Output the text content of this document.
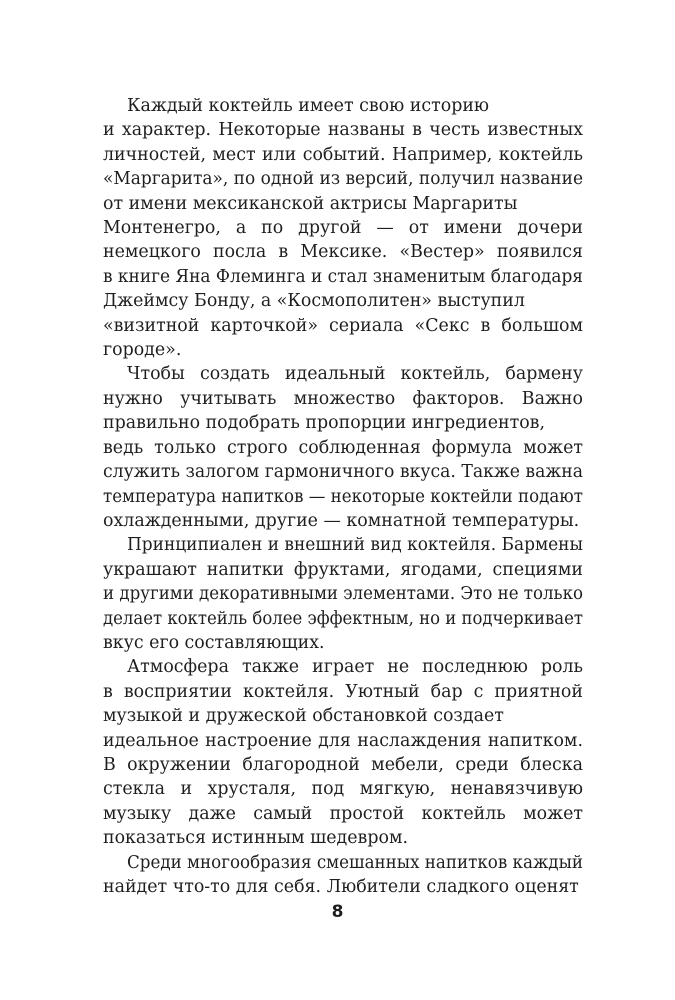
Каждый коктейль имеет свою историю
и характер. Некоторые названы в честь известных
личностей, мест или событий. Например, коктейль
«Маргарита», по одной из версий, получил название
от имени мексиканской актрисы Маргариты
Монтенегро, а по другой — от имени дочери
немецкого посла в Мексике. «Вестер» появился
в книге Яна Флеминга и стал знаменитым благодаря
Джеймсу Бонду, а «Космополитен» выступил
«визитной карточкой» сериала «Секс в большом
городе».
Чтобы создать идеальный коктейль, бармену
нужно учитывать множество факторов. Важно
правильно подобрать пропорции ингредиентов,
ведь только строго соблюденная формула может
служить залогом гармоничного вкуса. Также важна
температура напитков — некоторые коктейли подают
охлажденными, другие — комнатной температуры.
Принципиален и внешний вид коктейля. Бармены
украшают напитки фруктами, ягодами, специями
и другими декоративными элементами. Это не только
делает коктейль более эффектным, но и подчеркивает
вкус его составляющих.
Атмосфера также играет не последнюю роль
в восприятии коктейля. Уютный бар с приятной
музыкой и дружеской обстановкой создает
идеальное настроение для наслаждения напитком.
В окружении благородной мебели, среди блеска
стекла и хрусталя, под мягкую, ненавязчивую
музыку даже самый простой коктейль может
показаться истинным шедевром.
Среди многообразия смешанных напитков каждый
найдет что-то для себя. Любители сладкого оценят
8
